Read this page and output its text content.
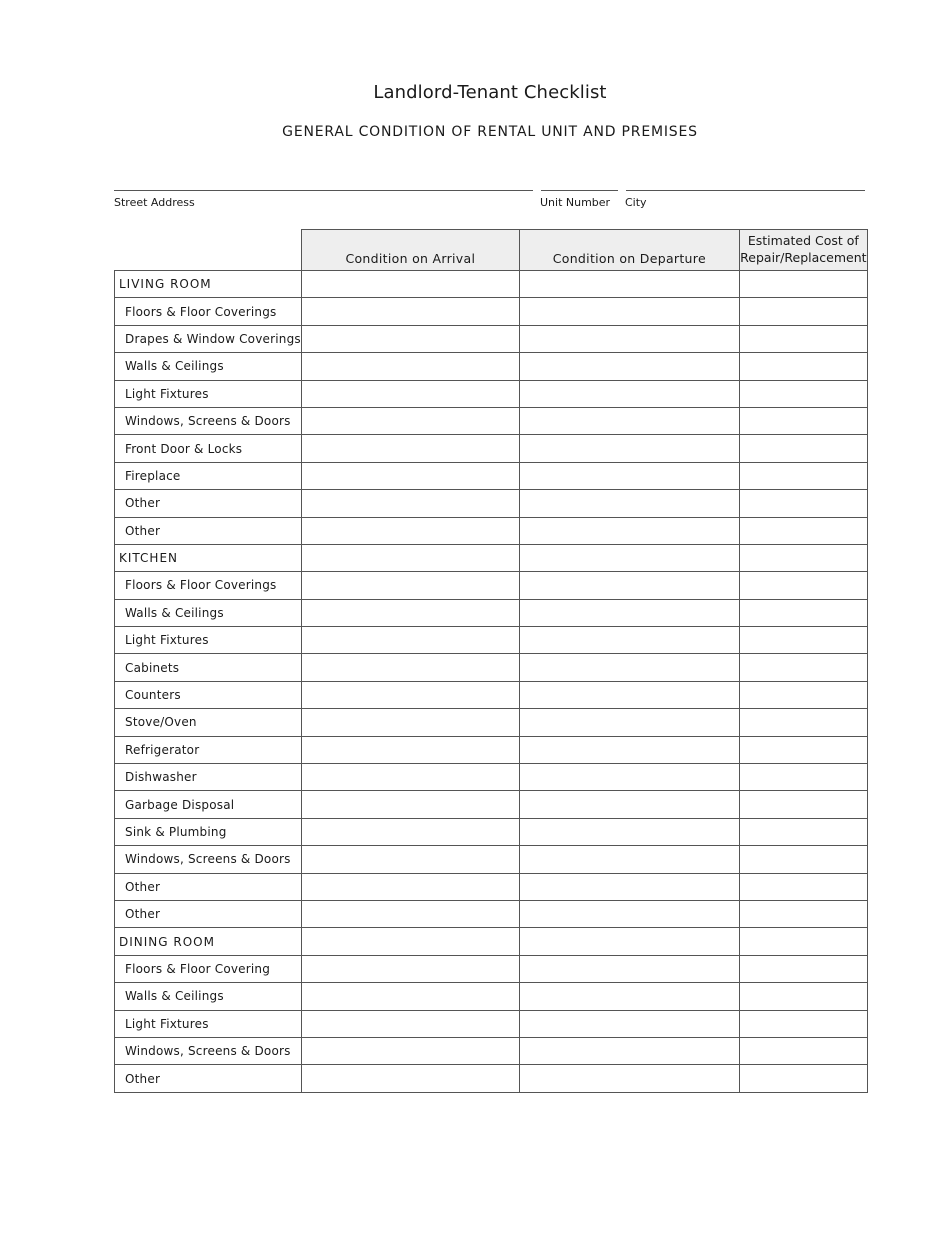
Landlord-Tenant Checklist
GENERAL CONDITION OF RENTAL UNIT AND PREMISES
Street Address	Unit Number City
	Condition on Arrival	Condition on Departure	Estimated Cost of Repair/Replacement
LIVING ROOM			
Floors & Floor Coverings			
Drapes & Window Coverings			
Walls & Ceilings			
Light Fixtures			
Windows, Screens & Doors			
Front Door & Locks			
Fireplace			
Other			
Other			
KITCHEN			
Floors & Floor Coverings			
Walls & Ceilings			
Light Fixtures			
Cabinets			
Counters			
Stove/Oven			
Refrigerator			
Dishwasher			
Garbage Disposal			
Sink & Plumbing			
Windows, Screens & Doors			
Other			
Other			
DINING ROOM			
Floors & Floor Covering			
Walls & Ceilings			
Light Fixtures			
Windows, Screens & Doors			
Other			
